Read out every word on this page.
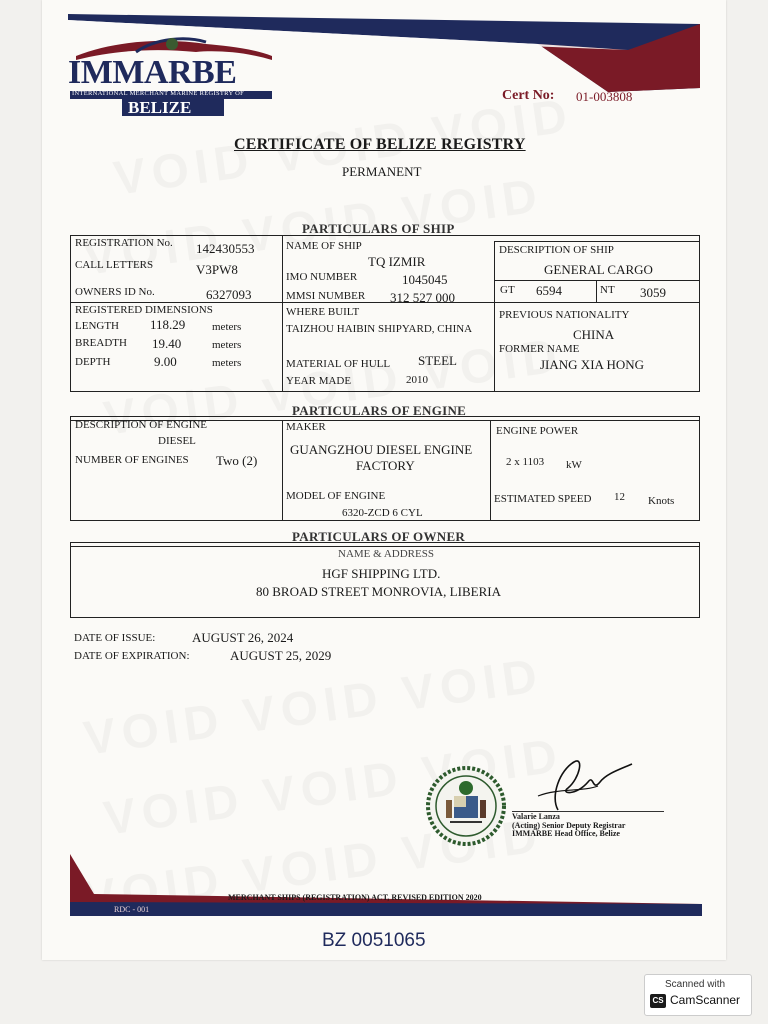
IMMARBE
INTERNATIONAL MERCHANT MARINE REGISTRY OF
BELIZE
Cert No: 01-003808
CERTIFICATE OF BELIZE REGISTRY
PERMANENT
PARTICULARS OF SHIP
REGISTRATION No. 142430553
CALL LETTERS	V3PW8
OWNERS ID No.	6327093
NAME OF SHIP
TQ IZMIR
IMO NUMBER	1045045
MMSI NUMBER 312 527 000
DESCRIPTION OF SHIP
GENERAL CARGO
GT 6594	NT 3059
REGISTERED DIMENSIONS
LENGTH 118.29 meters
BREADTH 19.40	meters
DEPTH	9.00	meters
WHERE BUILT
TAIZHOU HAIBIN SHIPYARD, CHINA
MATERIAL OF HULL STEEL
YEAR MADE	2010
PREVIOUS NATIONALITY
CHINA
FORMER NAME
JIANG XIA HONG
PARTICULARS OF ENGINE
DESCRIPTION OF ENGINE
DIESEL
NUMBER OF ENGINES Two (2)
MAKER
GUANGZHOU DIESEL ENGINE
FACTORY
MODEL OF ENGINE
6320-ZCD 6 CYL
ENGINE POWER
2 x 1103 kW
ESTIMATED SPEED 12 Knots
PARTICULARS OF OWNER
NAME & ADDRESS
HGF SHIPPING LTD.
80 BROAD STREET MONROVIA, LIBERIA
DATE OF ISSUE:	AUGUST 26, 2024
DATE OF EXPIRATION:	AUGUST 25, 2029
Valarie Lanza
(Acting) Senior Deputy Registrar
IMMARBE Head Office, Belize
MERCHANT SHIPS (REGISTRATION) ACT, REVISED EDITION 2020
RDC - 001
BZ 0051065
Scanned with
CS CamScanner
